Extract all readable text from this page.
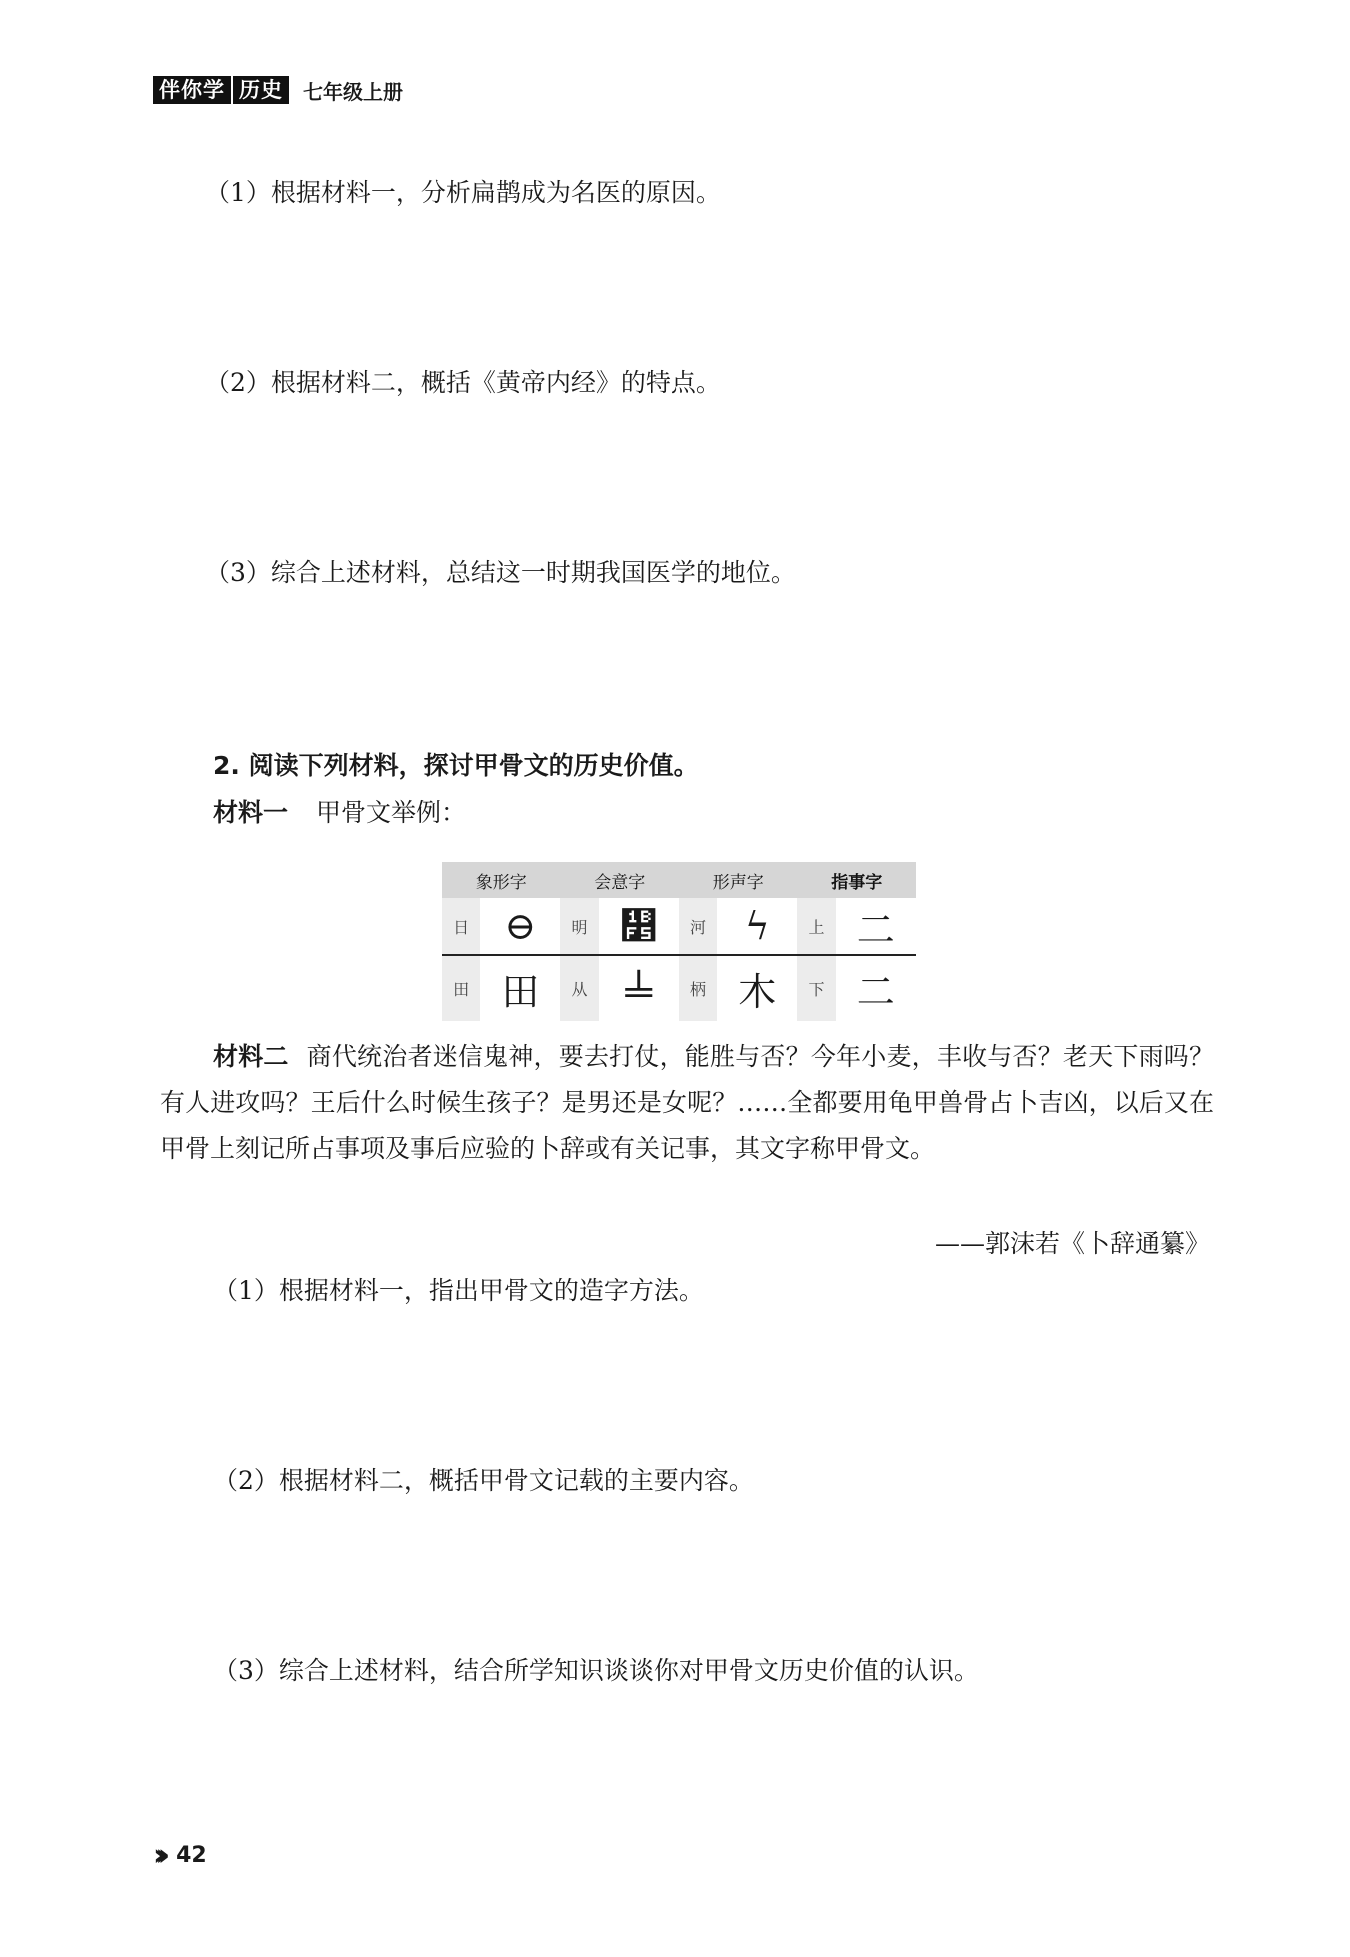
伴你学 历史	七年级上册
（1）根据材料一，分析扁鹊成为名医的原因。
（2）根据材料二，概括《黄帝内经》的特点。
（3）综合上述材料，总结这一时期我国医学的地位。
2. 阅读下列材料，探讨甲骨文的历史价值。
材料一 甲骨文举例：
象形字		会意字		形声字		指事字	
日	⊖	明	᯵	河	ϟ	上	⼆
田	田	从	𝍦	柄	⽊	下	⼆
材料二 商代统治者迷信鬼神，要去打仗，能胜与否？今年小麦，丰收与否？老天下雨吗？有人进攻吗？王后什么时候生孩子？是男还是女呢？……全都要用龟甲兽骨占卜吉凶，以后又在甲骨上刻记所占事项及事后应验的卜辞或有关记事，其文字称甲骨文。
——郭沫若《卜辞通纂》
（1）根据材料一，指出甲骨文的造字方法。
（2）根据材料二，概括甲骨文记载的主要内容。
（3）综合上述材料，结合所学知识谈谈你对甲骨文历史价值的认识。
››› 42
